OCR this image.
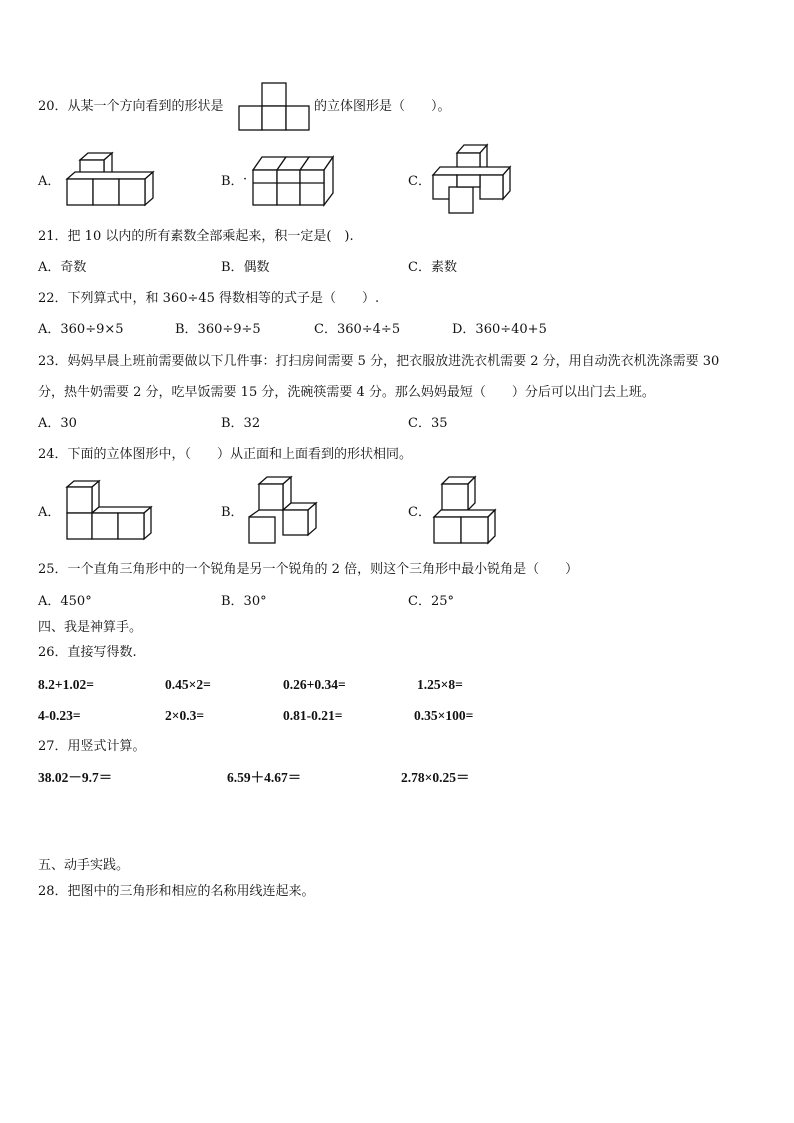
20．从某一个方向看到的形状是	的立体图形是（　　）。
A．	B． ·	C．
21．把 10 以内的所有素数全部乘起来，积一定是(　).
A．奇数	B．偶数	C．素数
22．下列算式中，和 360÷45 得数相等的式子是（　　）.
A．360÷9×5	B．360÷9÷5	C．360÷4÷5	D．360÷40+5
23．妈妈早晨上班前需要做以下几件事：打扫房间需要 5 分，把衣服放进洗衣机需要 2 分，用自动洗衣机洗涤需要 30
分，热牛奶需要 2 分，吃早饭需要 15 分，洗碗筷需要 4 分。那么妈妈最短（　　）分后可以出门去上班。
A．30	B．32	C．35
24．下面的立体图形中，（　　）从正面和上面看到的形状相同。
A．	B．	C．
25．一个直角三角形中的一个锐角是另一个锐角的 2 倍，则这个三角形中最小锐角是（　　）
A．450°	B．30°	C．25°
四、我是神算手。
26．直接写得数.
8.2+1.02=	0.45×2=	0.26+0.34=	1.25×8=
4-0.23=	2×0.3=	0.81-0.21=	0.35×100=
27．用竖式计算。
38.02－9.7＝	6.59＋4.67＝	2.78×0.25＝
五、动手实践。
28．把图中的三角形和相应的名称用线连起来。
